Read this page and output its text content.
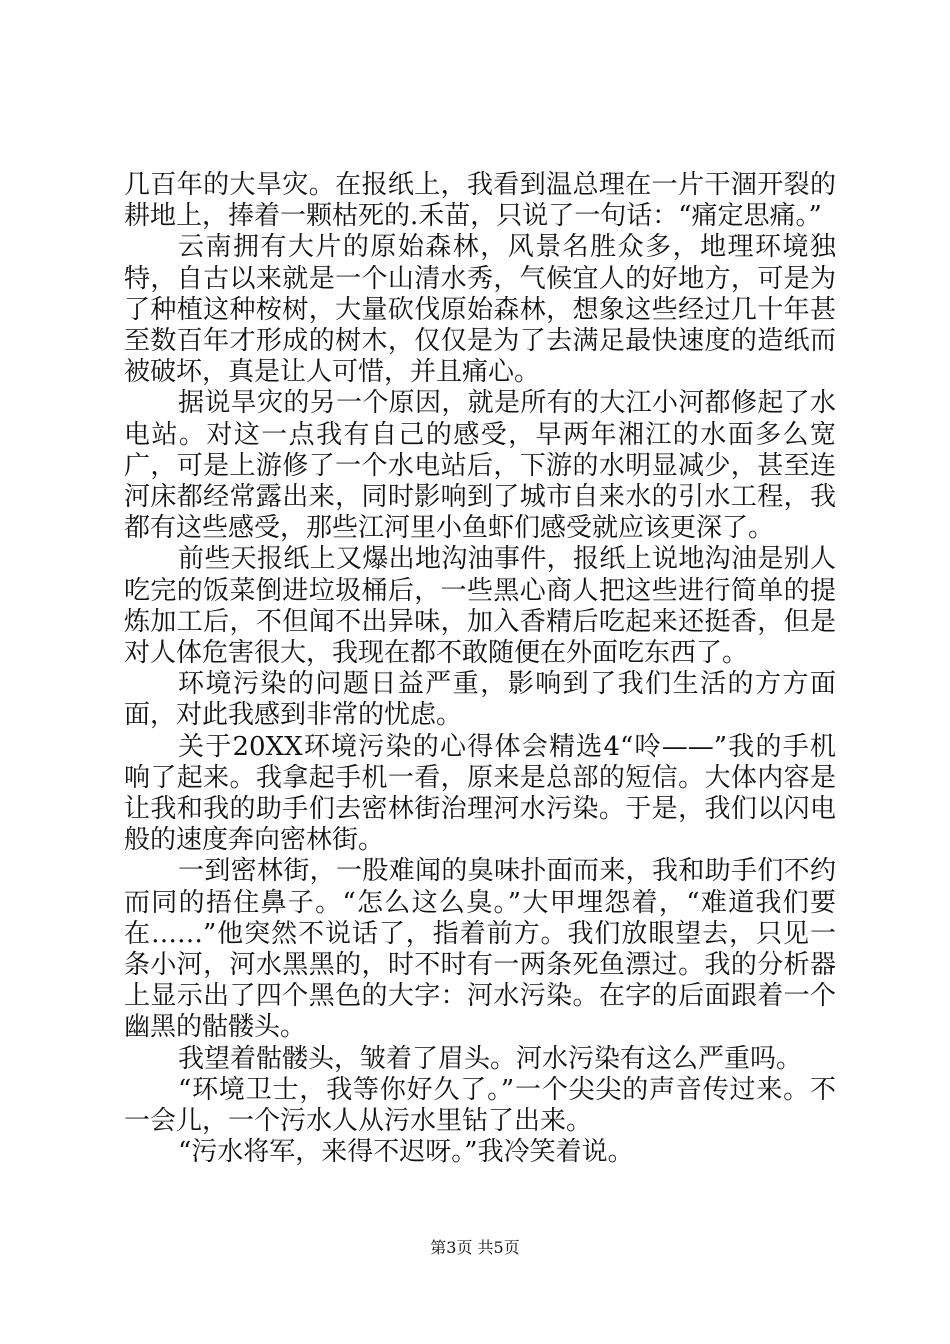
几百年的大旱灾。在报纸上，我看到温总理在一片干涸开裂的耕地上，捧着一颗枯死的.禾苗，只说了一句话：“痛定思痛。”

云南拥有大片的原始森林，风景名胜众多，地理环境独特，自古以来就是一个山清水秀，气候宜人的好地方，可是为了种植这种桉树，大量砍伐原始森林，想象这些经过几十年甚至数百年才形成的树木，仅仅是为了去满足最快速度的造纸而被破坏，真是让人可惜，并且痛心。

据说旱灾的另一个原因，就是所有的大江小河都修起了水电站。对这一点我有自己的感受，早两年湘江的水面多么宽广，可是上游修了一个水电站后，下游的水明显减少，甚至连河床都经常露出来，同时影响到了城市自来水的引水工程，我都有这些感受，那些江河里小鱼虾们感受就应该更深了。

前些天报纸上又爆出地沟油事件，报纸上说地沟油是别人吃完的饭菜倒进垃圾桶后，一些黑心商人把这些进行简单的提炼加工后，不但闻不出异味，加入香精后吃起来还挺香，但是对人体危害很大，我现在都不敢随便在外面吃东西了。

环境污染的问题日益严重，影响到了我们生活的方方面面，对此我感到非常的忧虑。

关于20XX环境污染的心得体会精选4“呤——”我的手机响了起来。我拿起手机一看，原来是总部的短信。大体内容是让我和我的助手们去密林街治理河水污染。于是，我们以闪电般的速度奔向密林街。

一到密林街，一股难闻的臭味扑面而来，我和助手们不约而同的捂住鼻子。“怎么这么臭。”大甲埋怨着，“难道我们要在……”他突然不说话了，指着前方。我们放眼望去，只见一条小河，河水黑黑的，时不时有一两条死鱼漂过。我的分析器上显示出了四个黑色的大字：河水污染。在字的后面跟着一个幽黑的骷髅头。

我望着骷髅头，皱着了眉头。河水污染有这么严重吗。

“环境卫士，我等你好久了。”一个尖尖的声音传过来。不一会儿，一个污水人从污水里钻了出来。

“污水将军，来得不迟呀。”我冷笑着说。

第3页 共5页
